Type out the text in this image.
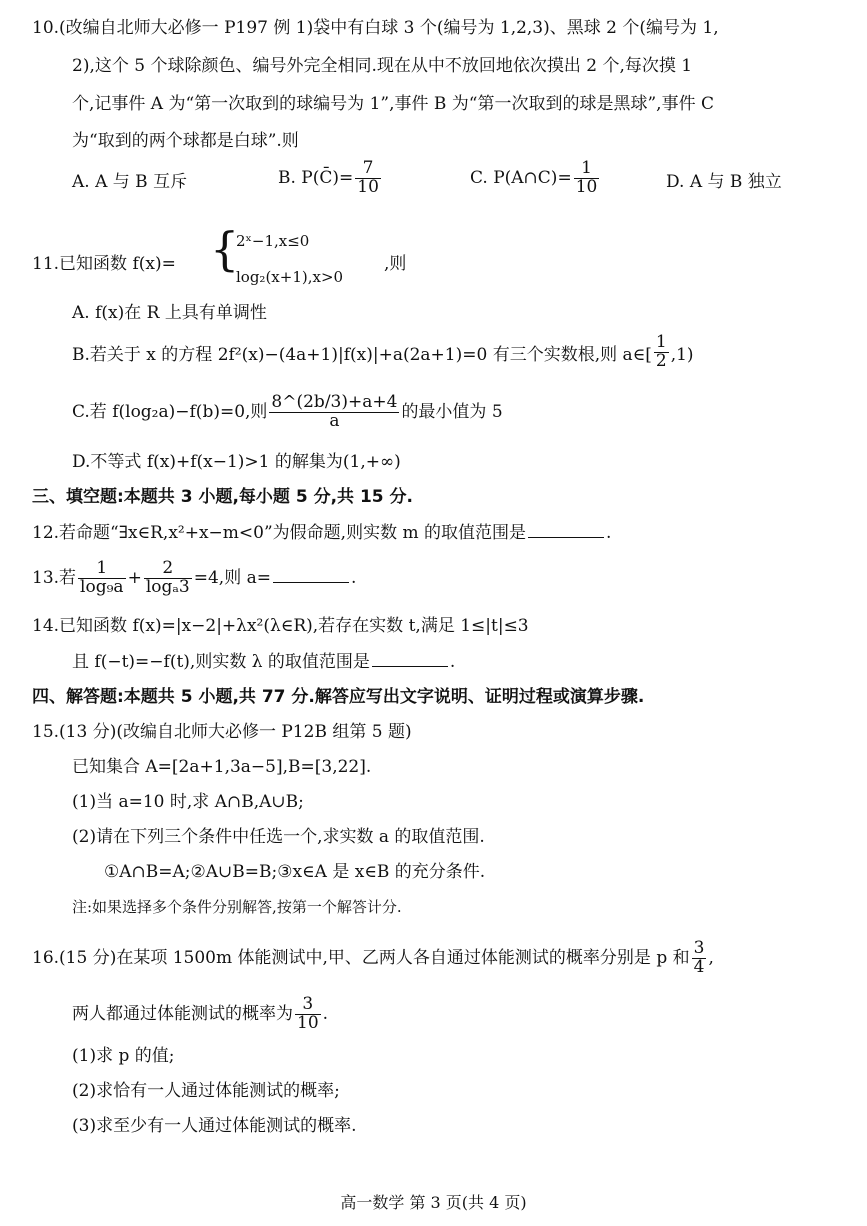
10.(改编自北师大必修一 P197 例 1)袋中有白球 3 个(编号为 1,2,3)、黑球 2 个(编号为 1,
2),这个 5 个球除颜色、编号外完全相同.现在从中不放回地依次摸出 2 个,每次摸 1
个,记事件 A 为“第一次取到的球编号为 1”,事件 B 为“第一次取到的球是黑球”,事件 C
为“取到的两个球都是白球”.则
A. A 与 B 互斥	B. P(C̄)= $\frac{7}{10}$	C. P(A∩C)= $\frac{1}{10}$	D. A 与 B 独立
11.已知函数 f(x)= {
2ˣ−1,x≤0
log₂(x+1),x>0
,则
A. f(x)在 R 上具有单调性
B.若关于 x 的方程 2f²(x)−(4a+1)|f(x)|+a(2a+1)=0 有三个实数根,则 a∈[ $\frac{1}{2} ,1$)
C.若 f(log₂a)−f(b)=0,则 $\frac{8\^{}(2b/3)+a+4}{a}$ 的最小值为 5
D.不等式 f(x)+f(x−1)>1 的解集为(1,+∞)
三、填空题:本题共 3 小题,每小题 5 分,共 15 分.
12.若命题“∃x∈R,x²+x−m<0”为假命题,则实数 m 的取值范围是	.
13.若 $\frac{1}{\text{log₉a}} + \frac{2}{\text{logₐ3}} =4$,则 a=	.
14.已知函数 f(x)=|x−2|+λx²(λ∈R),若存在实数 t,满足 1≤|t|≤3
且 f(−t)=−f(t),则实数 λ 的取值范围是	.
四、解答题:本题共 5 小题,共 77 分.解答应写出文字说明、证明过程或演算步骤.
15.(13 分)(改编自北师大必修一 P12B 组第 5 题)
已知集合 A=[2a+1,3a−5],B=[3,22].
(1)当 a=10 时,求 A∩B,A∪B;
(2)请在下列三个条件中任选一个,求实数 a 的取值范围.
①A∩B=A;②A∪B=B;③x∈A 是 x∈B 的充分条件.
注:如果选择多个条件分别解答,按第一个解答计分.
16.(15 分)在某项 1500m 体能测试中,甲、乙两人各自通过体能测试的概率分别是 p 和 $\frac{3}{4}$ ,
两人都通过体能测试的概率为 $\frac{3}{10}$ .
(1)求 p 的值;
(2)求恰有一人通过体能测试的概率;
(3)求至少有一人通过体能测试的概率.
高一数学 第 3 页(共 4 页)
